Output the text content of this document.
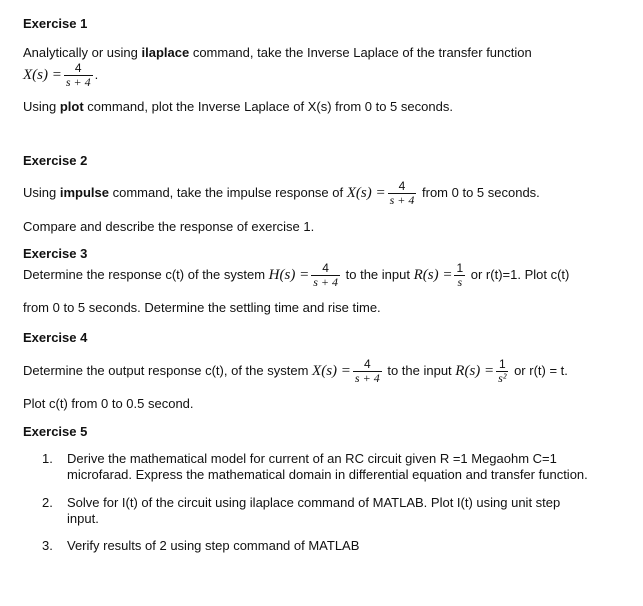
Exercise 1
Analytically or using ilaplace command, take the Inverse Laplace of the transfer function
$X(s) = \frac{4}{s + 4}$ .
Using plot command, plot the Inverse Laplace of X(s) from 0 to 5 seconds.
Exercise 2
Using impulse command, take the impulse response of $X(s) = \frac{4}{s + 4}$ from 0 to 5 seconds.
Compare and describe the response of exercise 1.
Exercise 3
Determine the response c(t) of the system $H(s) = \frac{4}{s + 4}$ to the input $R(s) = \frac{1}{s}$ or r(t)=1. Plot c(t)
from 0 to 5 seconds. Determine the settling time and rise time.
Exercise 4
Determine the output response c(t), of the system $X(s) = \frac{4}{s + 4}$ to the input $R(s) = \frac{1}{\text{s²}}$ or r(t) = t.
Plot c(t) from 0 to 0.5 second.
Exercise 5
1. Derive the mathematical model for current of an RC circuit given R =1 Megaohm C=1
microfarad. Express the mathematical domain in differential equation and transfer function.
2. Solve for I(t) of the circuit using ilaplace command of MATLAB. Plot I(t) using unit step
input.
3. Verify results of 2 using step command of MATLAB
